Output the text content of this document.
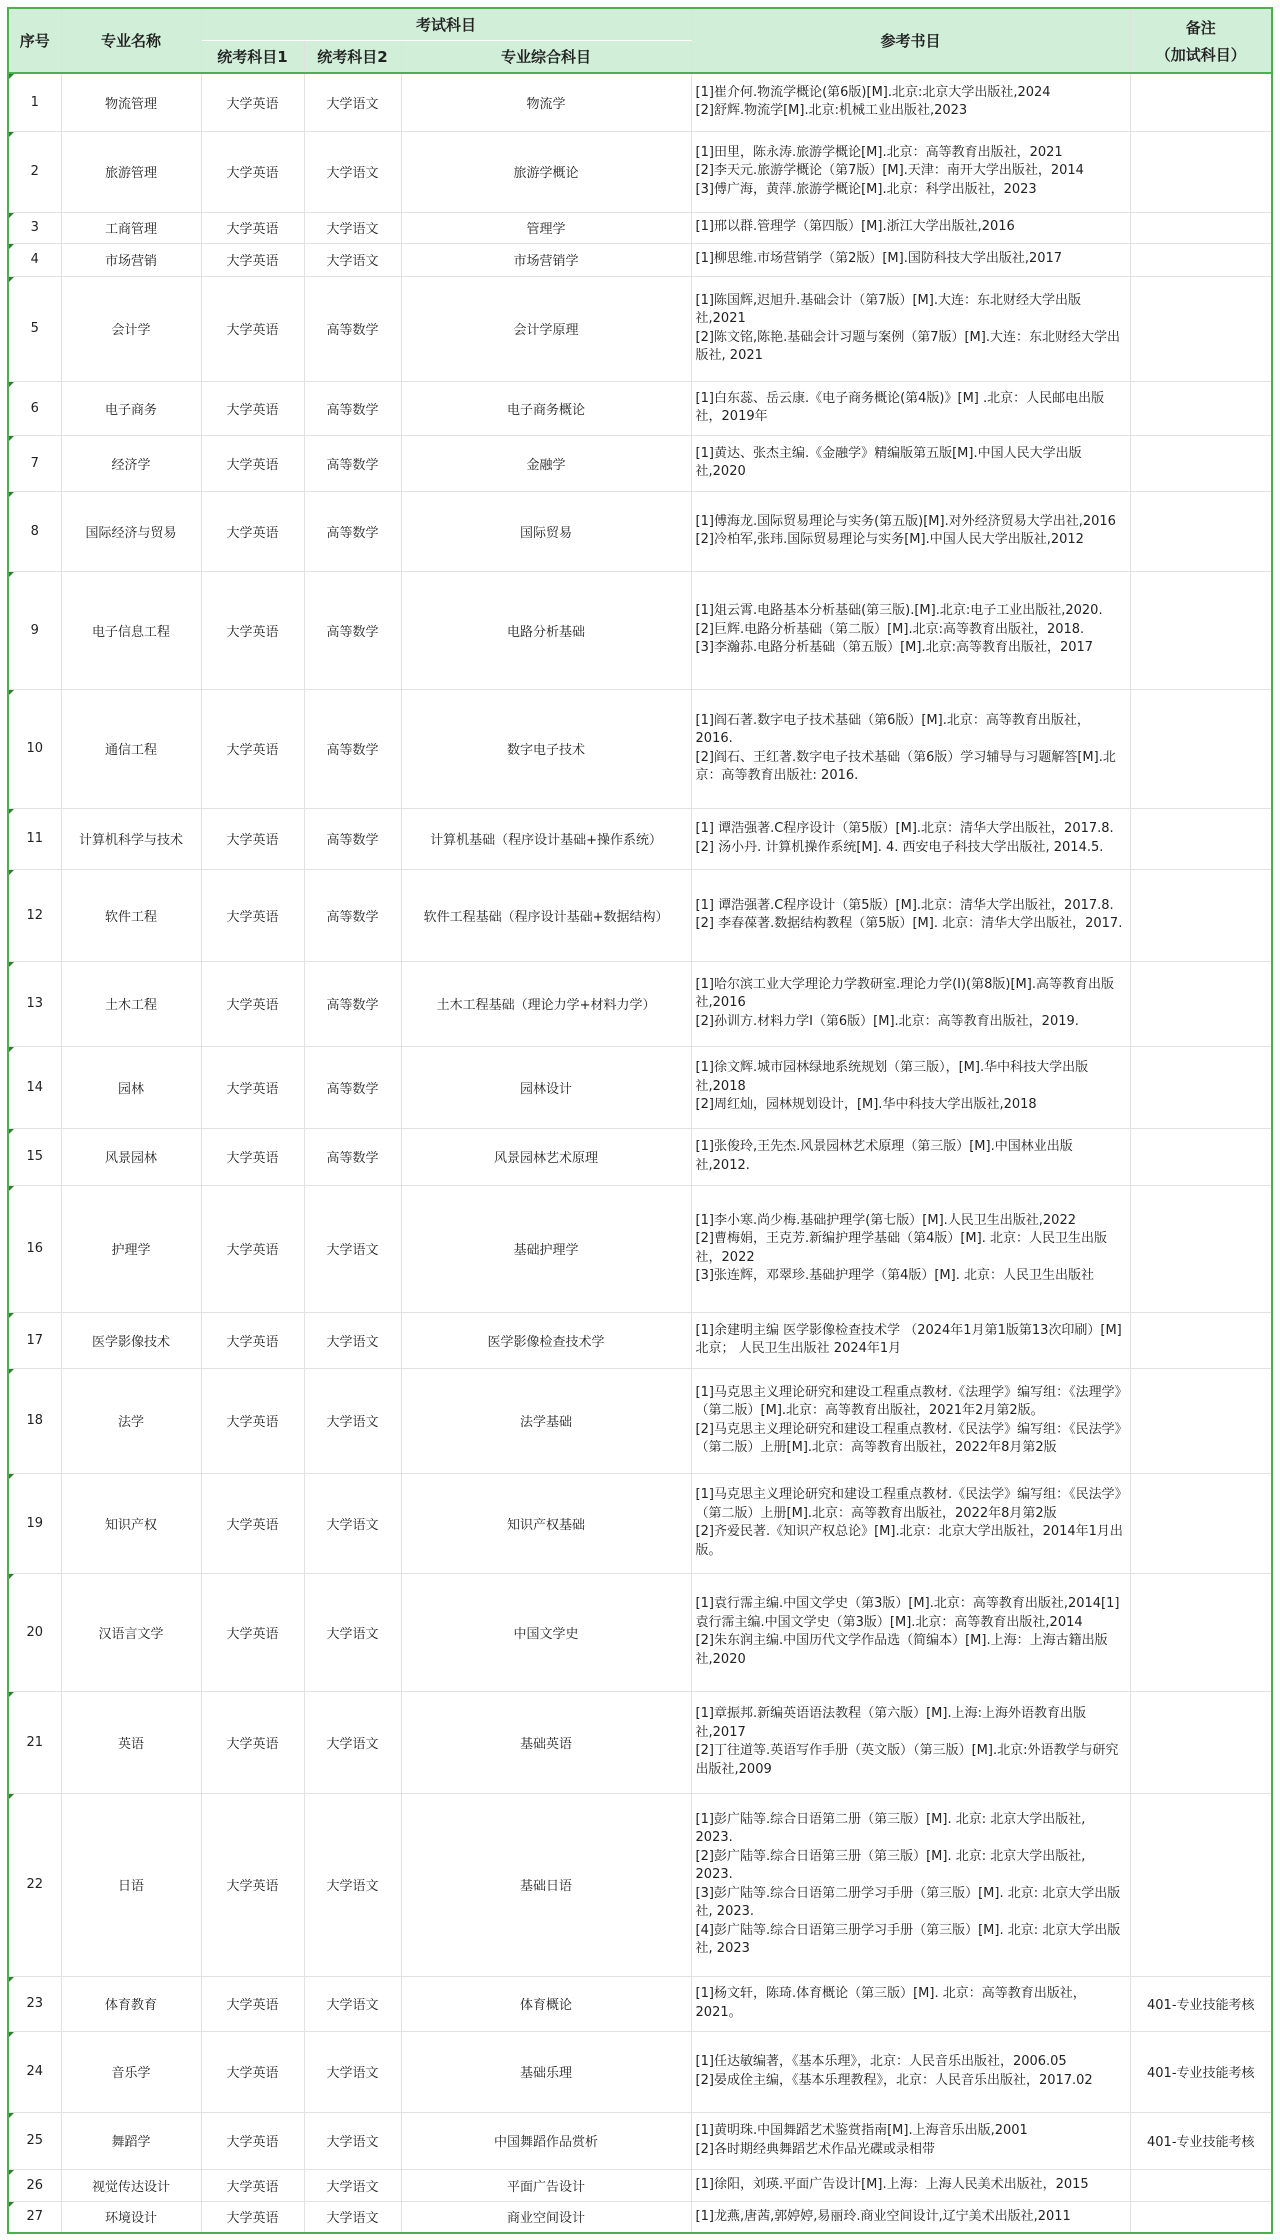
序号	专业名称	考试科目			参考书目	备注
（加试科目）

		统考科目1	统考科目2	专业综合科目		
1	物流管理	大学英语	大学语文	物流学	[1]崔介何.物流学概论(第6版)[M].北京:北京大学出版社,2024
[2]舒辉.物流学[M].北京:机械工业出版社,2023	

2	旅游管理	大学英语	大学语文	旅游学概论	[1]田里，陈永涛.旅游学概论[M].北京：高等教育出版社，2021
[2]李天元.旅游学概论（第7版）[M].天津：南开大学出版社，2014
[3]傅广海，黄萍.旅游学概论[M].北京：科学出版社，2023	

3	工商管理	大学英语	大学语文	管理学	[1]邢以群.管理学（第四版）[M].浙江大学出版社,2016	

4	市场营销	大学英语	大学语文	市场营销学	[1]柳思维.市场营销学（第2版）[M].国防科技大学出版社,2017	

5	会计学	大学英语	高等数学	会计学原理	[1]陈国辉,迟旭升.基础会计（第7版）[M].大连：东北财经大学出版社,2021
[2]陈文铭,陈艳.基础会计习题与案例（第7版）[M].大连：东北财经大学出版社, 2021	

6	电子商务	大学英语	高等数学	电子商务概论	[1]白东蕊、岳云康.《电子商务概论(第4版)》[M] .北京：人民邮电出版社，2019年	

7	经济学	大学英语	高等数学	金融学	[1]黄达、张杰主编.《金融学》精编版第五版[M].中国人民大学出版社,2020	

8	国际经济与贸易	大学英语	高等数学	国际贸易	[1]傅海龙.国际贸易理论与实务(第五版)[M].对外经济贸易大学出社,2016
[2]冷柏军,张玮.国际贸易理论与实务[M].中国人民大学出版社,2012	

9	电子信息工程	大学英语	高等数学	电路分析基础	[1]俎云霄.电路基本分析基础(第三版).[M].北京:电子工业出版社,2020.
[2]巨辉.电路分析基础（第二版）[M].北京:高等教育出版社，2018.
[3]李瀚荪.电路分析基础（第五版）[M].北京:高等教育出版社，2017	

10	通信工程	大学英语	高等数学	数字电子技术	[1]阎石著.数字电子技术基础（第6版）[M].北京：高等教育出版社，2016.
[2]阎石、王红著.数字电子技术基础（第6版）学习辅导与习题解答[M].北京：高等教育出版社: 2016.	

11	计算机科学与技术	大学英语	高等数学	计算机基础（程序设计基础+操作系统）	[1] 谭浩强著.C程序设计（第5版）[M].北京：清华大学出版社，2017.8.
[2] 汤小丹. 计算机操作系统[M]. 4. 西安电子科技大学出版社, 2014.5.	

12	软件工程	大学英语	高等数学	软件工程基础（程序设计基础+数据结构）	[1] 谭浩强著.C程序设计（第5版）[M].北京：清华大学出版社，2017.8.
[2] 李春葆著.数据结构教程（第5版）[M]. 北京：清华大学出版社，2017.	

13	土木工程	大学英语	高等数学	土木工程基础（理论力学+材料力学）	[1]哈尔滨工业大学理论力学教研室.理论力学(I)(第8版)[M].高等教育出版社,2016
[2]孙训方.材料力学I（第6版）[M].北京：高等教育出版社，2019.	

14	园林	大学英语	高等数学	园林设计	[1]徐文辉.城市园林绿地系统规划（第三版），[M].华中科技大学出版社,2018
[2]周红灿，园林规划设计，[M].华中科技大学出版社,2018	

15	风景园林	大学英语	高等数学	风景园林艺术原理	[1]张俊玲,王先杰.风景园林艺术原理（第三版）[M].中国林业出版社,2012.	

16	护理学	大学英语	大学语文	基础护理学	[1]李小寒.尚少梅.基础护理学(第七版）[M].人民卫生出版社,2022
[2]曹梅娟，王克芳.新编护理学基础（第4版）[M]. 北京：人民卫生出版社，2022
[3]张连辉，邓翠珍.基础护理学（第4版）[M]. 北京：人民卫生出版社	

17	医学影像技术	大学英语	大学语文	医学影像检查技术学	[1]余建明主编 医学影像检查技术学 （2024年1月第1版第13次印刷）[M] 北京； 人民卫生出版社 2024年1月	

18	法学	大学英语	大学语文	法学基础	[1]马克思主义理论研究和建设工程重点教材.《法理学》编写组：《法理学》（第二版）[M].北京：高等教育出版社，2021年2月第2版。
[2]马克思主义理论研究和建设工程重点教材.《民法学》编写组：《民法学》（第二版）上册[M].北京：高等教育出版社，2022年8月第2版	

19	知识产权	大学英语	大学语文	知识产权基础	[1]马克思主义理论研究和建设工程重点教材.《民法学》编写组：《民法学》（第二版）上册[M].北京：高等教育出版社，2022年8月第2版
[2]齐爱民著.《知识产权总论》[M].北京：北京大学出版社，2014年1月出版。	

20	汉语言文学	大学英语	大学语文	中国文学史	[1]袁行霈主编.中国文学史（第3版）[M].北京：高等教育出版社,2014[1]袁行霈主编.中国文学史（第3版）[M].北京：高等教育出版社,2014
[2]朱东润主编.中国历代文学作品选（简编本）[M].上海：上海古籍出版社,2020	

21	英语	大学英语	大学语文	基础英语	[1]章振邦.新编英语语法教程（第六版）[M].上海:上海外语教育出版社,2017
[2]丁往道等.英语写作手册（英文版）（第三版）[M].北京:外语教学与研究出版社,2009	

22	日语	大学英语	大学语文	基础日语	[1]彭广陆等.综合日语第二册（第三版）[M]. 北京: 北京大学出版社, 2023.
[2]彭广陆等.综合日语第三册（第三版）[M]. 北京: 北京大学出版社, 2023.
[3]彭广陆等.综合日语第二册学习手册（第三版）[M]. 北京: 北京大学出版社, 2023.
[4]彭广陆等.综合日语第三册学习手册（第三版）[M]. 北京: 北京大学出版社, 2023	

23	体育教育	大学英语	大学语文	体育概论	[1]杨文轩，陈琦.体育概论（第三版）[M]. 北京：高等教育出版社，2021。	401-专业技能考核
24	音乐学	大学英语	大学语文	基础乐理	[1]任达敏编著，《基本乐理》，北京：人民音乐出版社，2006.05
[2]晏成佺主编，《基本乐理教程》，北京：人民音乐出版社，2017.02	401-专业技能考核
25	舞蹈学	大学英语	大学语文	中国舞蹈作品赏析	[1]黄明珠.中国舞蹈艺术鉴赏指南[M].上海音乐出版,2001
[2]各时期经典舞蹈艺术作品光碟或录相带	401-专业技能考核
26	视觉传达设计	大学英语	大学语文	平面广告设计	[1]徐阳，刘瑛.平面广告设计[M].上海：上海人民美术出版社，2015	

27	环境设计	大学英语	大学语文	商业空间设计	[1]龙燕,唐茜,郭婷婷,易丽玲.商业空间设计,辽宁美术出版社,2011	
